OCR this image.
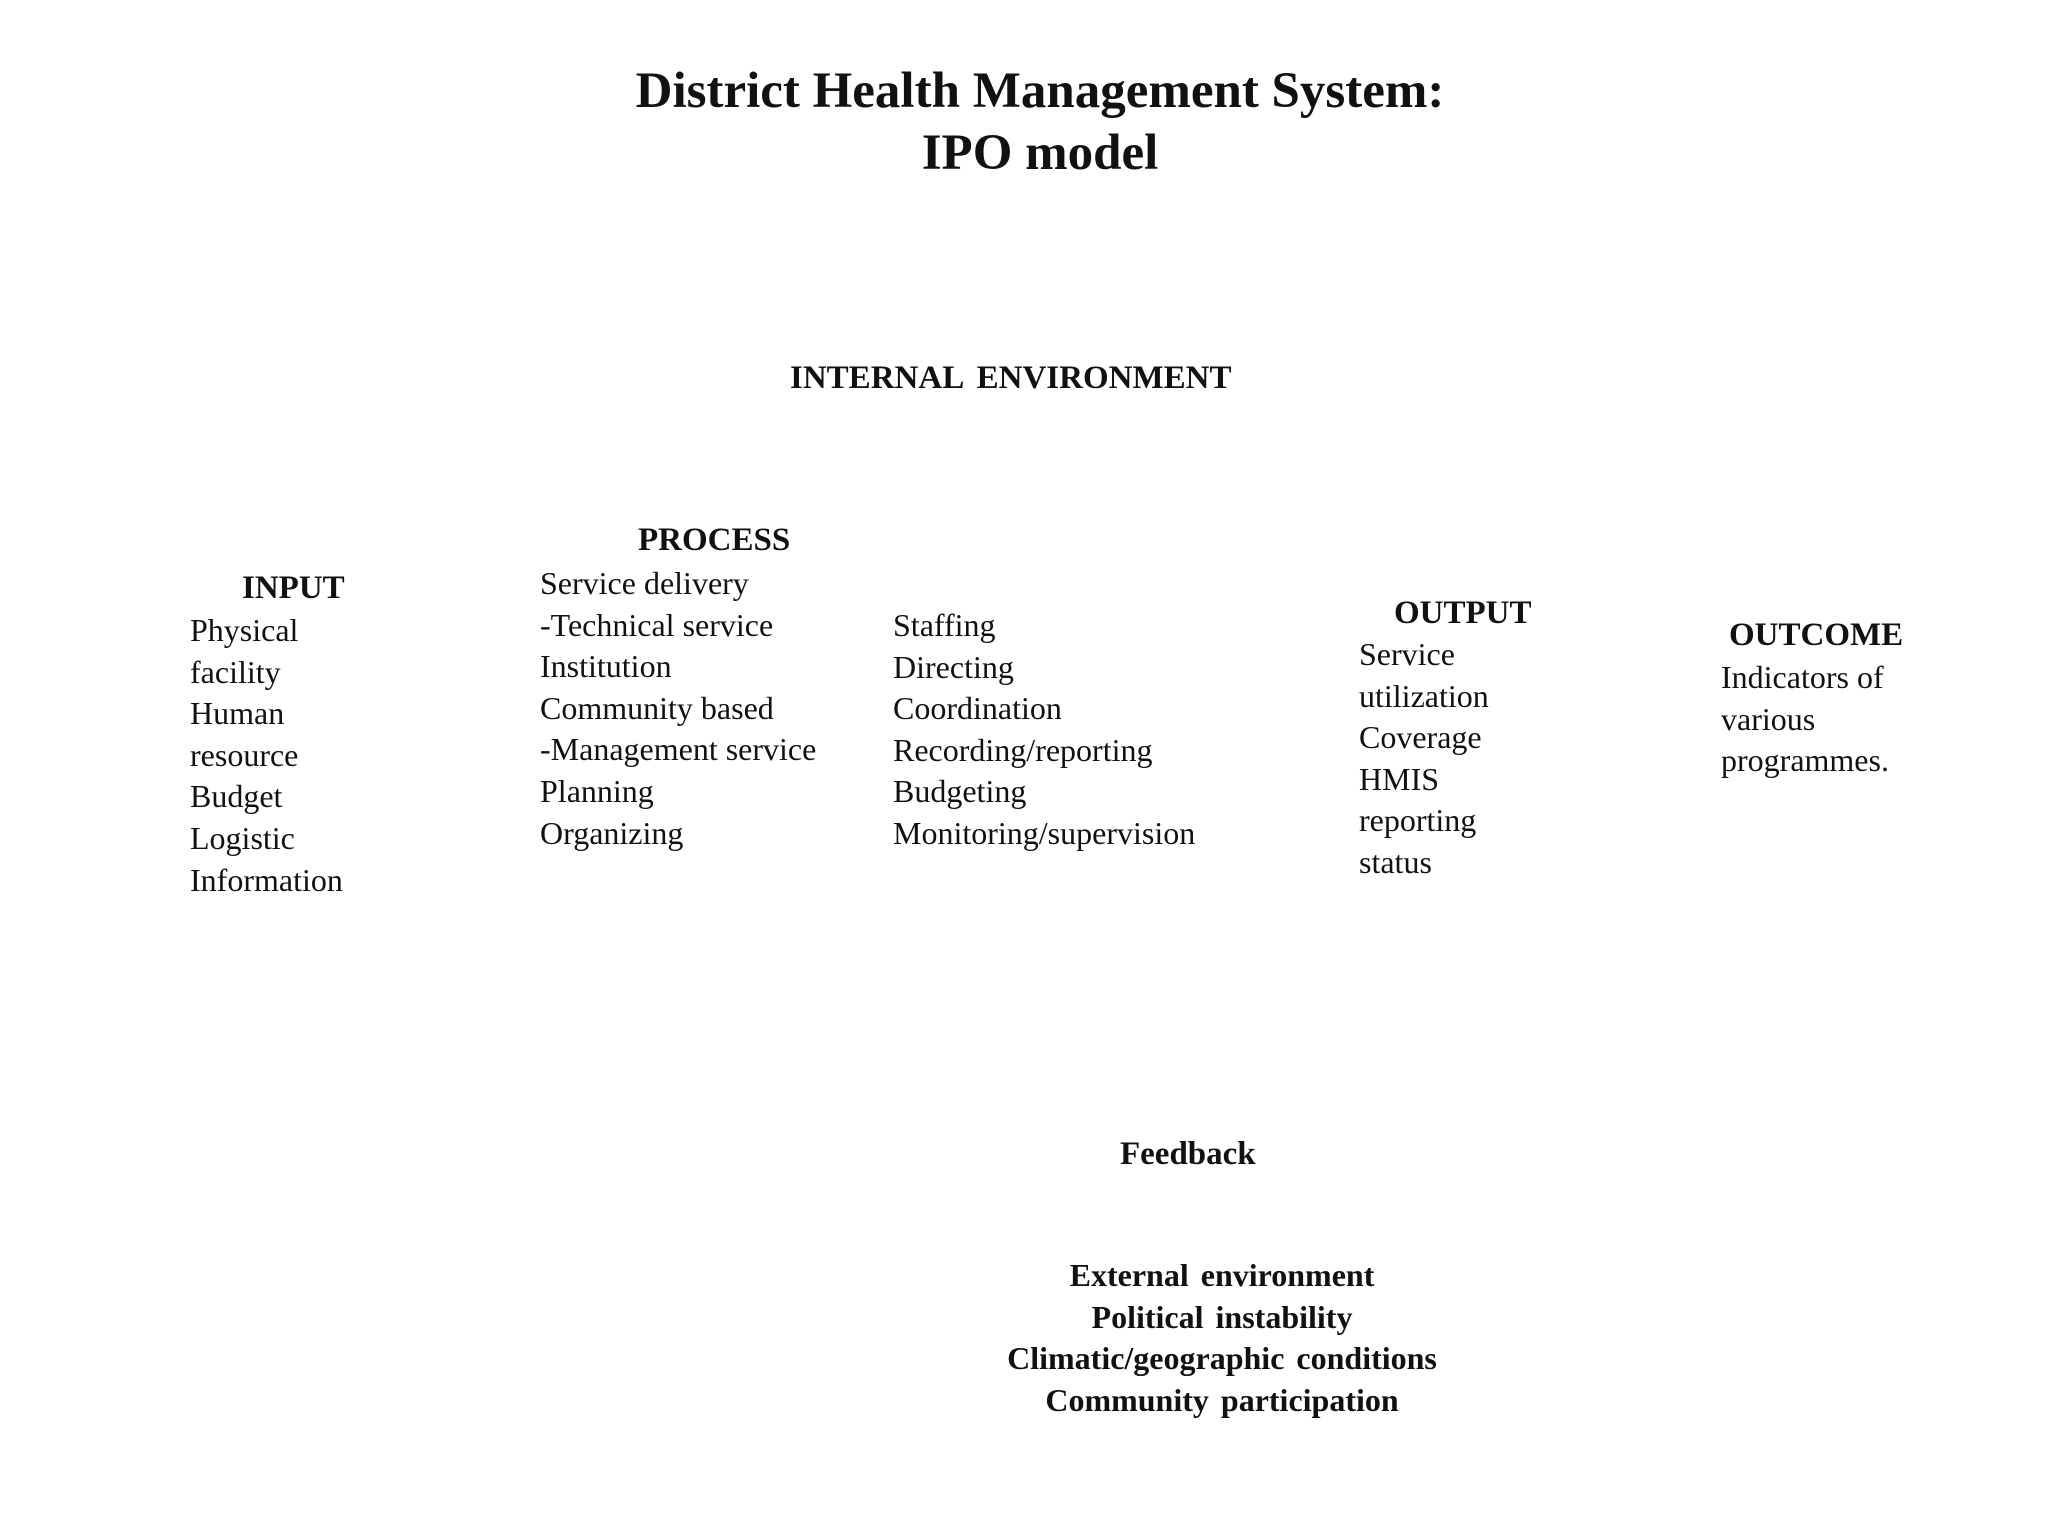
District Health Management System:
IPO model
INTERNAL ENVIRONMENT
INPUT
Physical
facility
Human
resource
Budget
Logistic
Information
PROCESS
Service delivery
-Technical service
Institution
Community based
-Management service
Planning
Organizing
Staffing
Directing
Coordination
Recording/reporting
Budgeting
Monitoring/supervision
OUTPUT
Service
utilization
Coverage
HMIS
reporting
status
OUTCOME
Indicators of
various
programmes.
Feedback
External environment
Political instability
Climatic/geographic conditions
Community participation
